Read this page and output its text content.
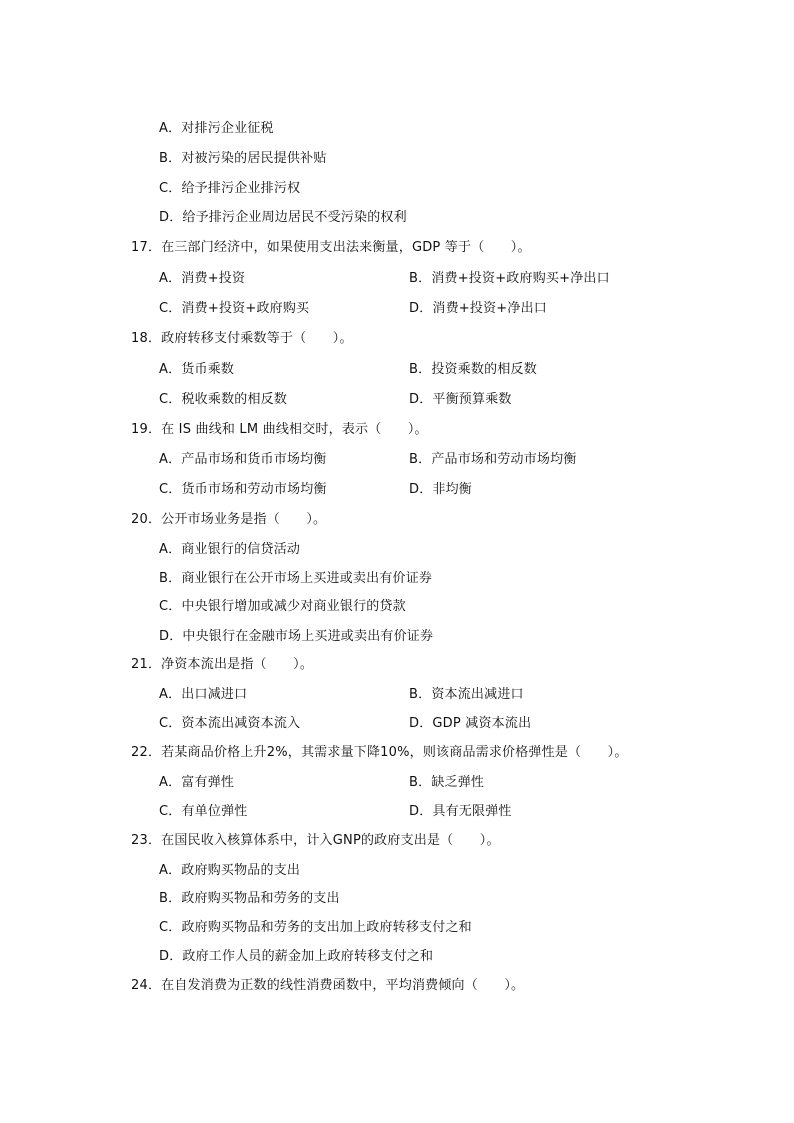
A．对排污企业征税
B．对被污染的居民提供补贴
C．给予排污企业排污权
D．给予排污企业周边居民不受污染的权利
17．在三部门经济中，如果使用支出法来衡量，GDP 等于（　　）。
A．消费+投资	B．消费+投资+政府购买+净出口
C．消费+投资+政府购买	D．消费+投资+净出口
18．政府转移支付乘数等于（　　）。
A．货币乘数	B．投资乘数的相反数
C．税收乘数的相反数	D．平衡预算乘数
19．在 IS 曲线和 LM 曲线相交时，表示（　　）。
A．产品市场和货币市场均衡	B．产品市场和劳动市场均衡
C．货币市场和劳动市场均衡	D．非均衡
20．公开市场业务是指（　　）。
A．商业银行的信贷活动
B．商业银行在公开市场上买进或卖出有价证券
C．中央银行增加或减少对商业银行的贷款
D．中央银行在金融市场上买进或卖出有价证券
21．净资本流出是指（　　）。
A．出口减进口	B．资本流出减进口
C．资本流出减资本流入	D．GDP 减资本流出
22．若某商品价格上升2%，其需求量下降10%，则该商品需求价格弹性是（　　）。
A．富有弹性	B．缺乏弹性
C．有单位弹性	D．具有无限弹性
23．在国民收入核算体系中，计入GNP的政府支出是（　　）。
A．政府购买物品的支出
B．政府购买物品和劳务的支出
C．政府购买物品和劳务的支出加上政府转移支付之和
D．政府工作人员的薪金加上政府转移支付之和
24．在自发消费为正数的线性消费函数中，平均消费倾向（　　）。
